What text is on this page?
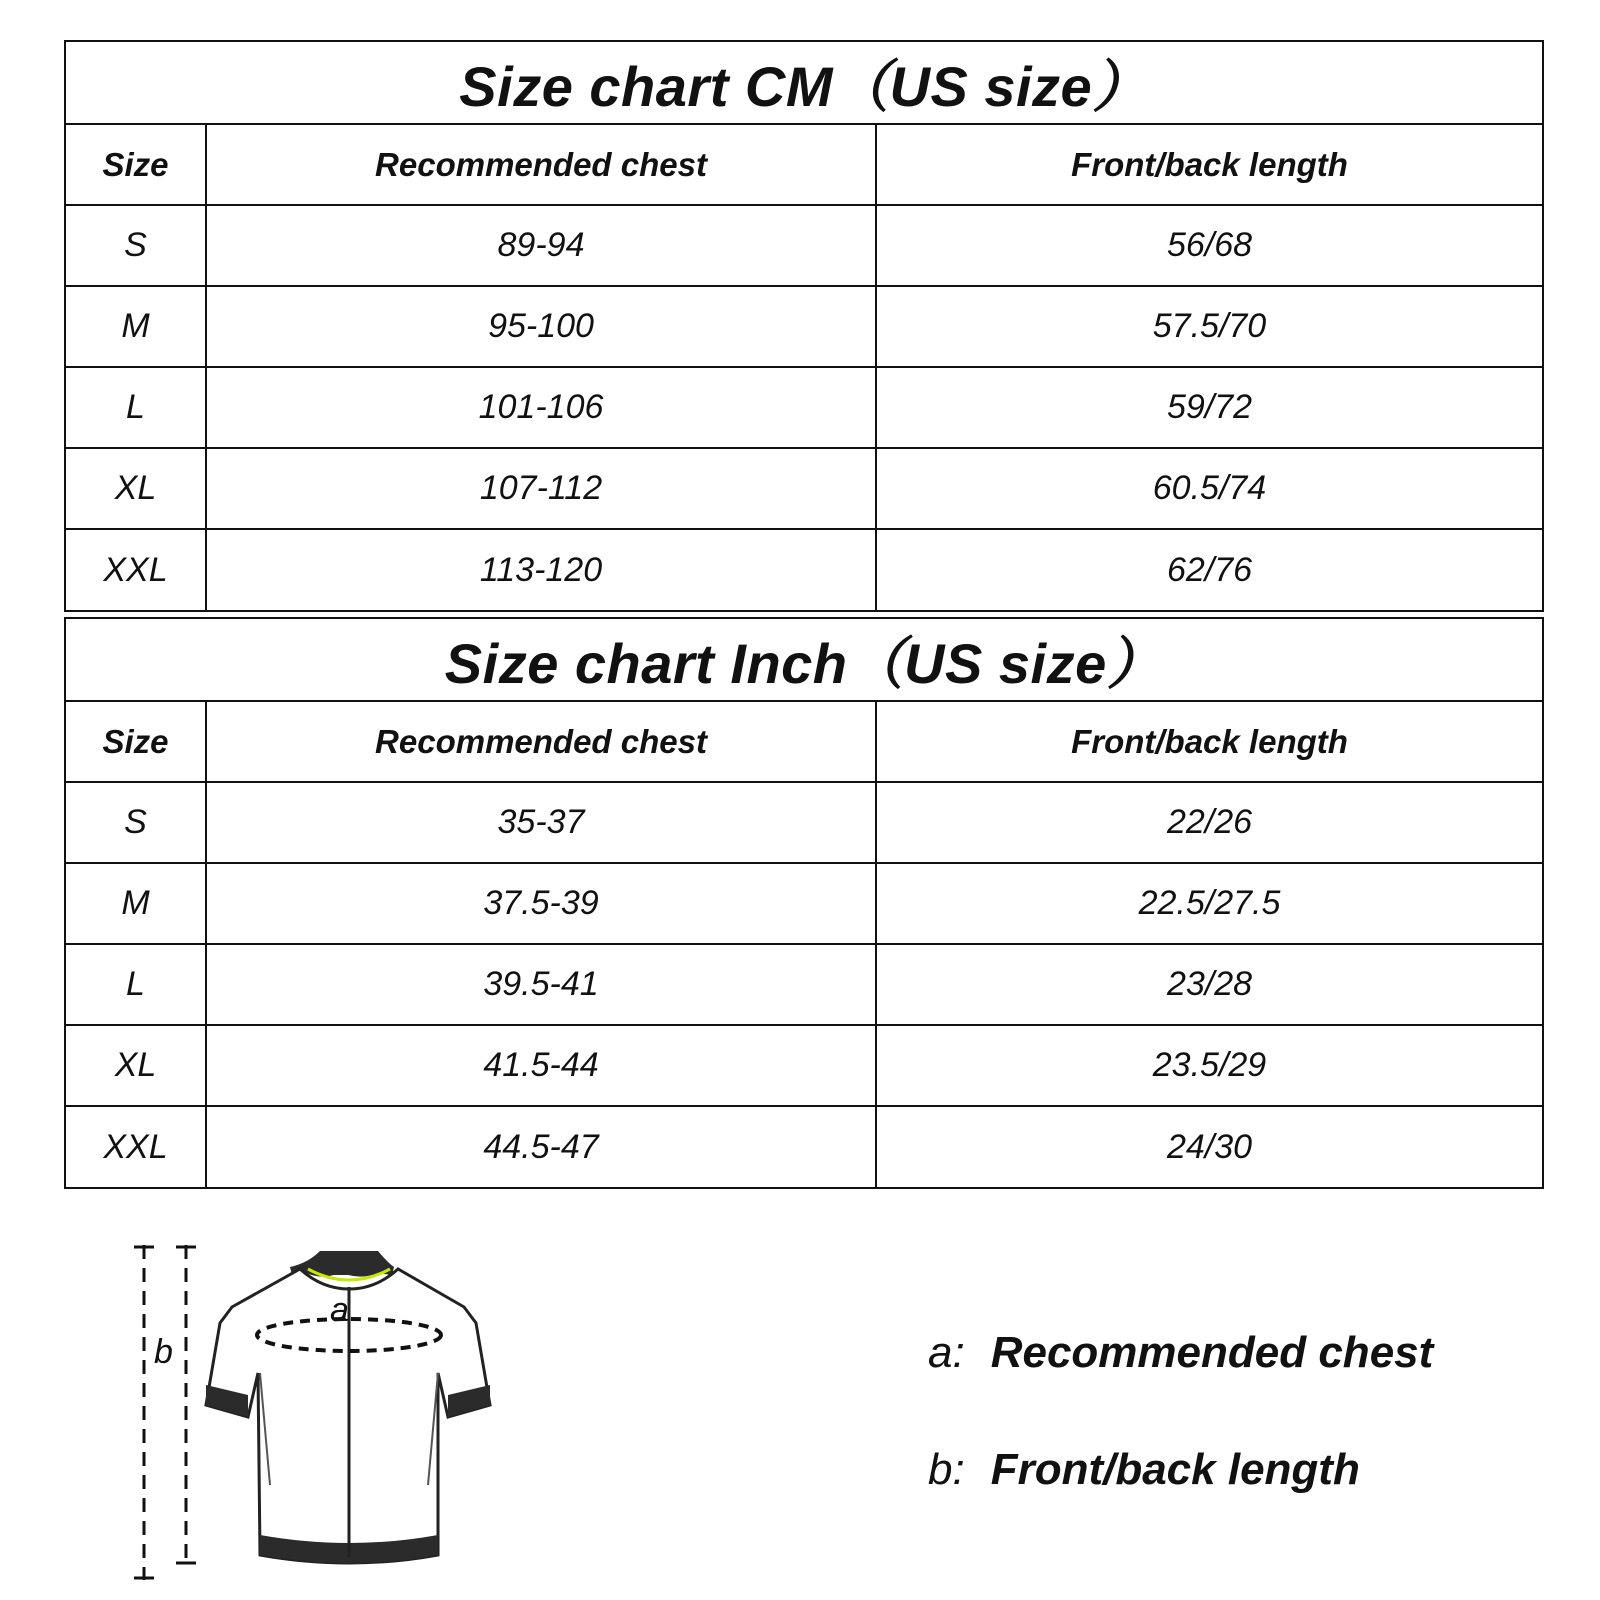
Size chart CM（US size）
Size	Recommended chest	Front/back length
S	89-94	56/68
M	95-100	57.5/70
L	101-106	59/72
XL	107-112	60.5/74
XXL	113-120	62/76
Size chart Inch（US size）
Size	Recommended chest	Front/back length
S	35-37	22/26
M	37.5-39	22.5/27.5
L	39.5-41	23/28
XL	41.5-44	23.5/29
XXL	44.5-47	24/30
b
a
a: Recommended chest
b: Front/back length
